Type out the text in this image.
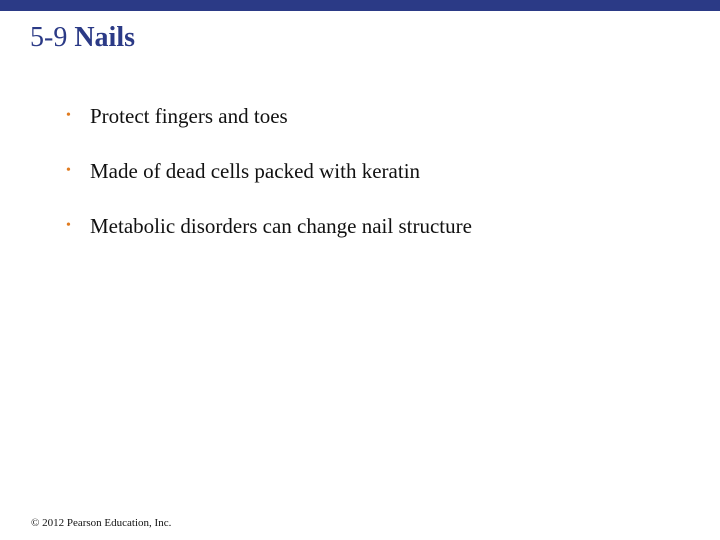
5-9 Nails
• Protect fingers and toes
• Made of dead cells packed with keratin
• Metabolic disorders can change nail structure
© 2012 Pearson Education, Inc.
